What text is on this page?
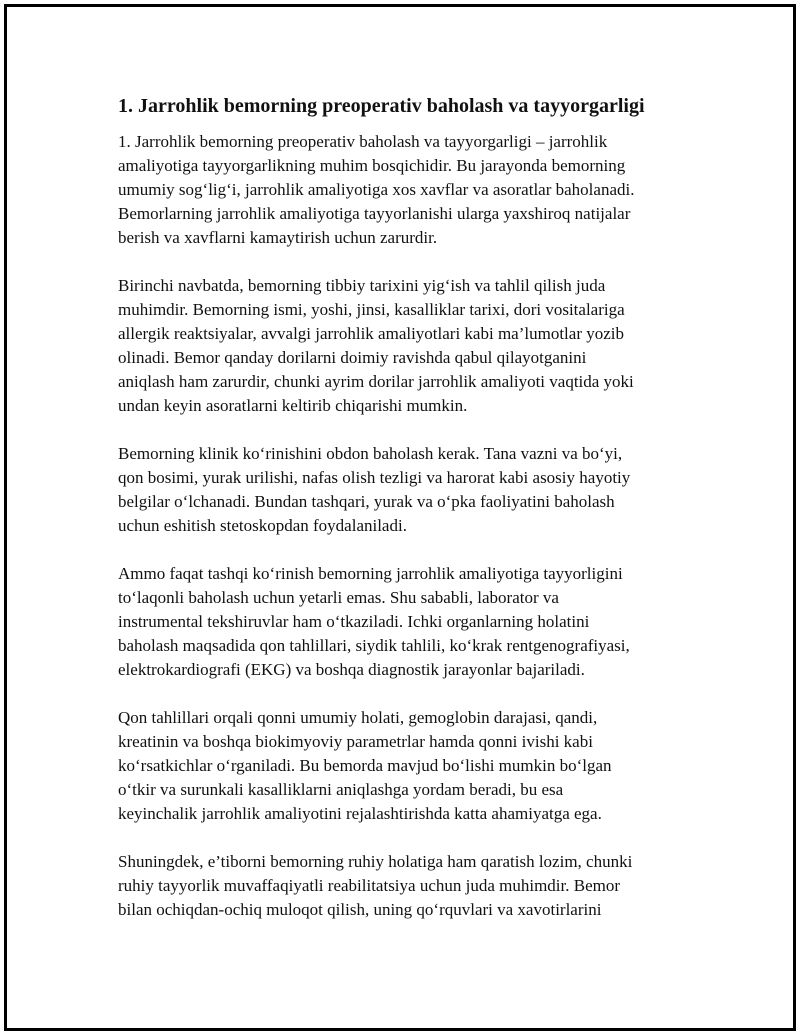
1. Jarrohlik bemorning preoperativ baholash va tayyorgarligi
1. Jarrohlik bemorning preoperativ baholash va tayyorgarligi – jarrohlik
amaliyotiga tayyorgarlikning muhim bosqichidir. Bu jarayonda bemorning
umumiy sog‘lig‘i, jarrohlik amaliyotiga xos xavflar va asoratlar baholanadi.
Bemorlarning jarrohlik amaliyotiga tayyorlanishi ularga yaxshiroq natijalar
berish va xavflarni kamaytirish uchun zarurdir.
Birinchi navbatda, bemorning tibbiy tarixini yig‘ish va tahlil qilish juda
muhimdir. Bemorning ismi, yoshi, jinsi, kasalliklar tarixi, dori vositalariga
allergik reaktsiyalar, avvalgi jarrohlik amaliyotlari kabi ma’lumotlar yozib
olinadi. Bemor qanday dorilarni doimiy ravishda qabul qilayotganini
aniqlash ham zarurdir, chunki ayrim dorilar jarrohlik amaliyoti vaqtida yoki
undan keyin asoratlarni keltirib chiqarishi mumkin.
Bemorning klinik ko‘rinishini obdon baholash kerak. Tana vazni va bo‘yi,
qon bosimi, yurak urilishi, nafas olish tezligi va harorat kabi asosiy hayotiy
belgilar o‘lchanadi. Bundan tashqari, yurak va o‘pka faoliyatini baholash
uchun eshitish stetoskopdan foydalaniladi.
Ammo faqat tashqi ko‘rinish bemorning jarrohlik amaliyotiga tayyorligini
to‘laqonli baholash uchun yetarli emas. Shu sababli, laborator va
instrumental tekshiruvlar ham o‘tkaziladi. Ichki organlarning holatini
baholash maqsadida qon tahlillari, siydik tahlili, ko‘krak rentgenografiyasi,
elektrokardiografi (EKG) va boshqa diagnostik jarayonlar bajariladi.
Qon tahlillari orqali qonni umumiy holati, gemoglobin darajasi, qandi,
kreatinin va boshqa biokimyoviy parametrlar hamda qonni ivishi kabi
ko‘rsatkichlar o‘rganiladi. Bu bemorda mavjud bo‘lishi mumkin bo‘lgan
o‘tkir va surunkali kasalliklarni aniqlashga yordam beradi, bu esa
keyinchalik jarrohlik amaliyotini rejalashtirishda katta ahamiyatga ega.
Shuningdek, e’tiborni bemorning ruhiy holatiga ham qaratish lozim, chunki
ruhiy tayyorlik muvaffaqiyatli reabilitatsiya uchun juda muhimdir. Bemor
bilan ochiqdan-ochiq muloqot qilish, uning qo‘rquvlari va xavotirlarini
